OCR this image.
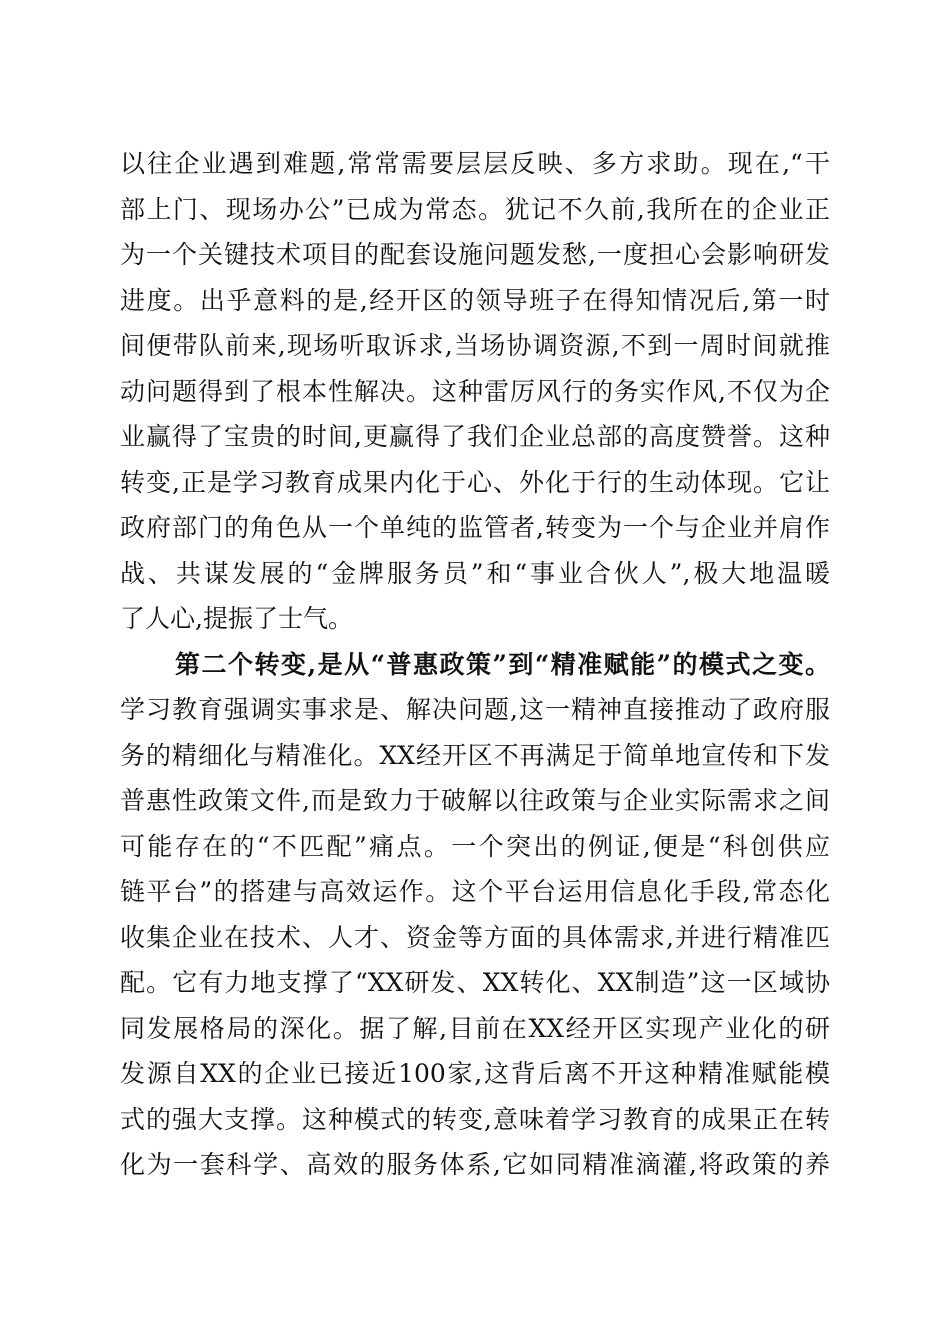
以往企业遇到难题,常常需要层层反映、多方求助。现在,“干
部上门、现场办公”已成为常态。犹记不久前,我所在的企业正
为一个关键技术项目的配套设施问题发愁,一度担心会影响研发
进度。出乎意料的是,经开区的领导班子在得知情况后,第一时
间便带队前来,现场听取诉求,当场协调资源,不到一周时间就推
动问题得到了根本性解决。这种雷厉风行的务实作风,不仅为企
业赢得了宝贵的时间,更赢得了我们企业总部的高度赞誉。这种
转变,正是学习教育成果内化于心、外化于行的生动体现。它让
政府部门的角色从一个单纯的监管者,转变为一个与企业并肩作
战、共谋发展的“金牌服务员”和“事业合伙人”,极大地温暖
了人心,提振了士气。
第二个转变,是从“普惠政策”到“精准赋能”的模式之变。
学习教育强调实事求是、解决问题,这一精神直接推动了政府服
务的精细化与精准化。XX经开区不再满足于简单地宣传和下发
普惠性政策文件,而是致力于破解以往政策与企业实际需求之间
可能存在的“不匹配”痛点。一个突出的例证,便是“科创供应
链平台”的搭建与高效运作。这个平台运用信息化手段,常态化
收集企业在技术、人才、资金等方面的具体需求,并进行精准匹
配。它有力地支撑了“XX研发、XX转化、XX制造”这一区域协
同发展格局的深化。据了解,目前在XX经开区实现产业化的研
发源自XX的企业已接近100家,这背后离不开这种精准赋能模
式的强大支撑。这种模式的转变,意味着学习教育的成果正在转
化为一套科学、高效的服务体系,它如同精准滴灌,将政策的养
